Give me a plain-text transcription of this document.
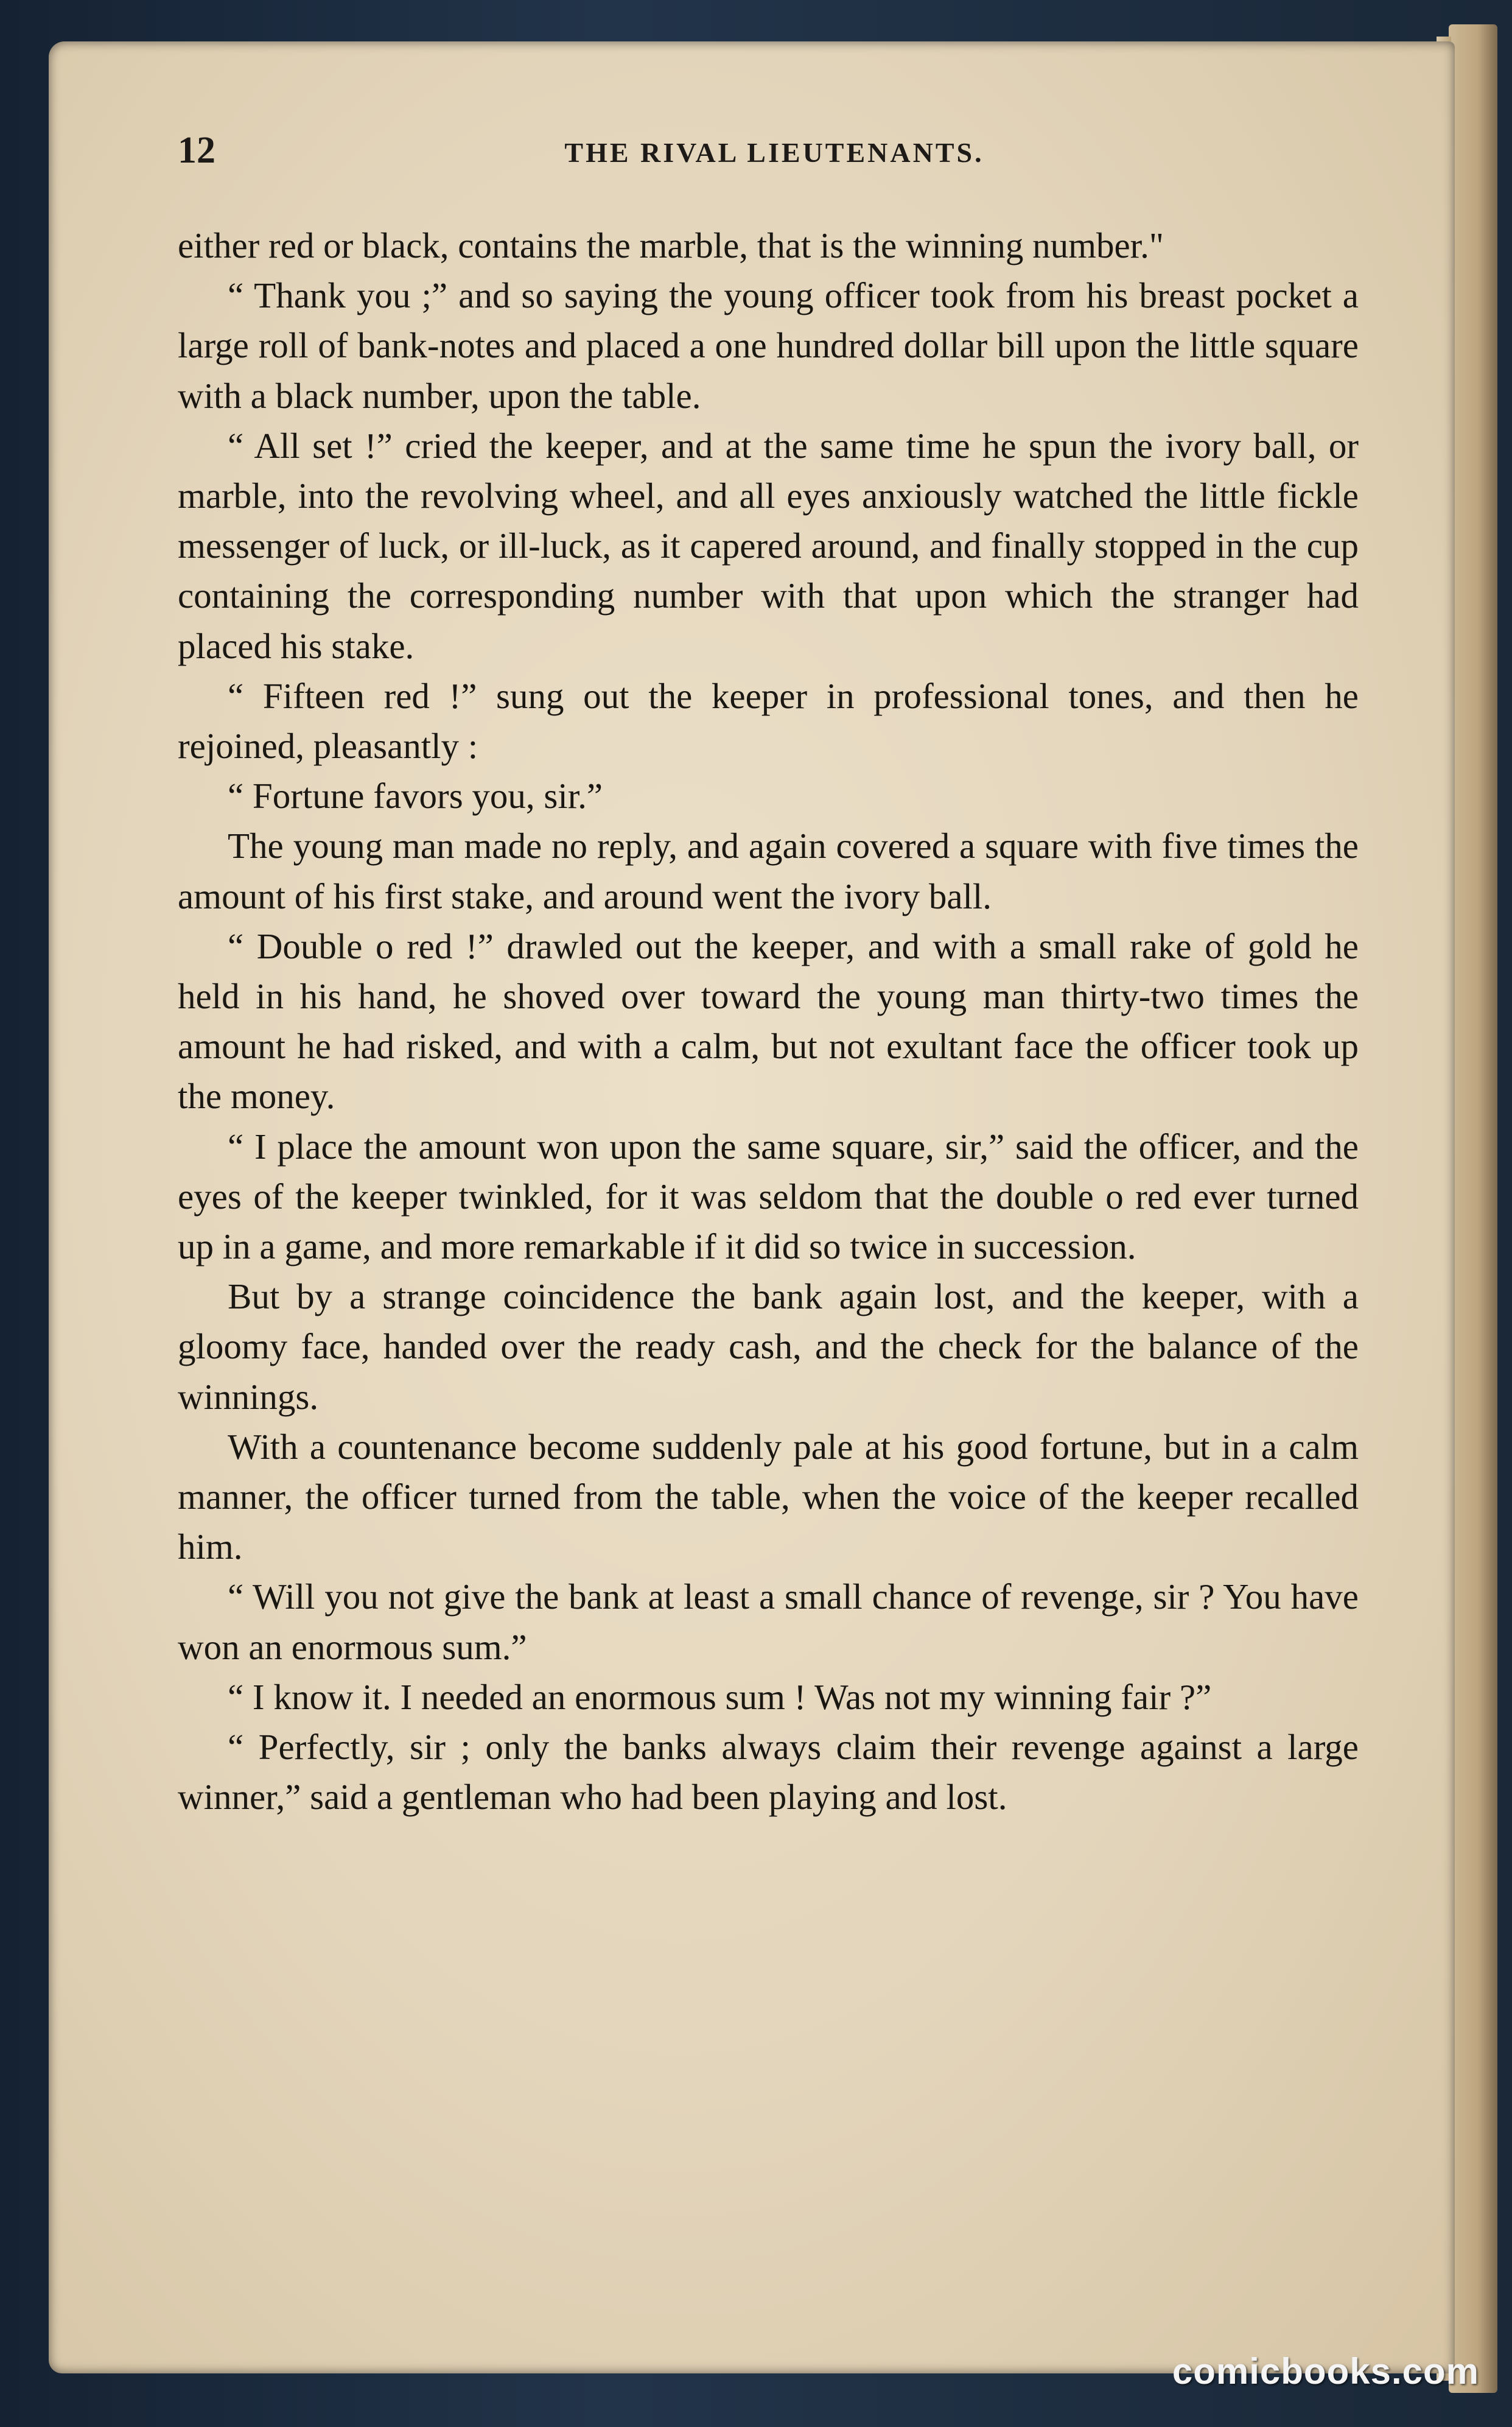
12	THE RIVAL LIEUTENANTS.

either red or black, contains the marble, that is the winning number."

“ Thank you ;” and so saying the young officer took from his breast pocket a large roll of bank-notes and placed a one hundred dollar bill upon the little square with a black number, upon the table.

“ All set !” cried the keeper, and at the same time he spun the ivory ball, or marble, into the revolving wheel, and all eyes anxiously watched the little fickle messenger of luck, or ill-luck, as it capered around, and finally stopped in the cup containing the corresponding number with that upon which the stranger had placed his stake.

“ Fifteen red !” sung out the keeper in professional tones, and then he rejoined, pleasantly :

“ Fortune favors you, sir.”

The young man made no reply, and again covered a square with five times the amount of his first stake, and around went the ivory ball.

“ Double o red !” drawled out the keeper, and with a small rake of gold he held in his hand, he shoved over toward the young man thirty-two times the amount he had risked, and with a calm, but not exultant face the officer took up the money.

“ I place the amount won upon the same square, sir,” said the officer, and the eyes of the keeper twinkled, for it was seldom that the double o red ever turned up in a game, and more remarkable if it did so twice in succession.

But by a strange coincidence the bank again lost, and the keeper, with a gloomy face, handed over the ready cash, and the check for the balance of the winnings.

With a countenance become suddenly pale at his good fortune, but in a calm manner, the officer turned from the table, when the voice of the keeper recalled him.

“ Will you not give the bank at least a small chance of revenge, sir ? You have won an enormous sum.”

“ I know it. I needed an enormous sum ! Was not my winning fair ?”

“ Perfectly, sir ; only the banks always claim their revenge against a large winner,” said a gentleman who had been playing and lost.

comicbooks.com
